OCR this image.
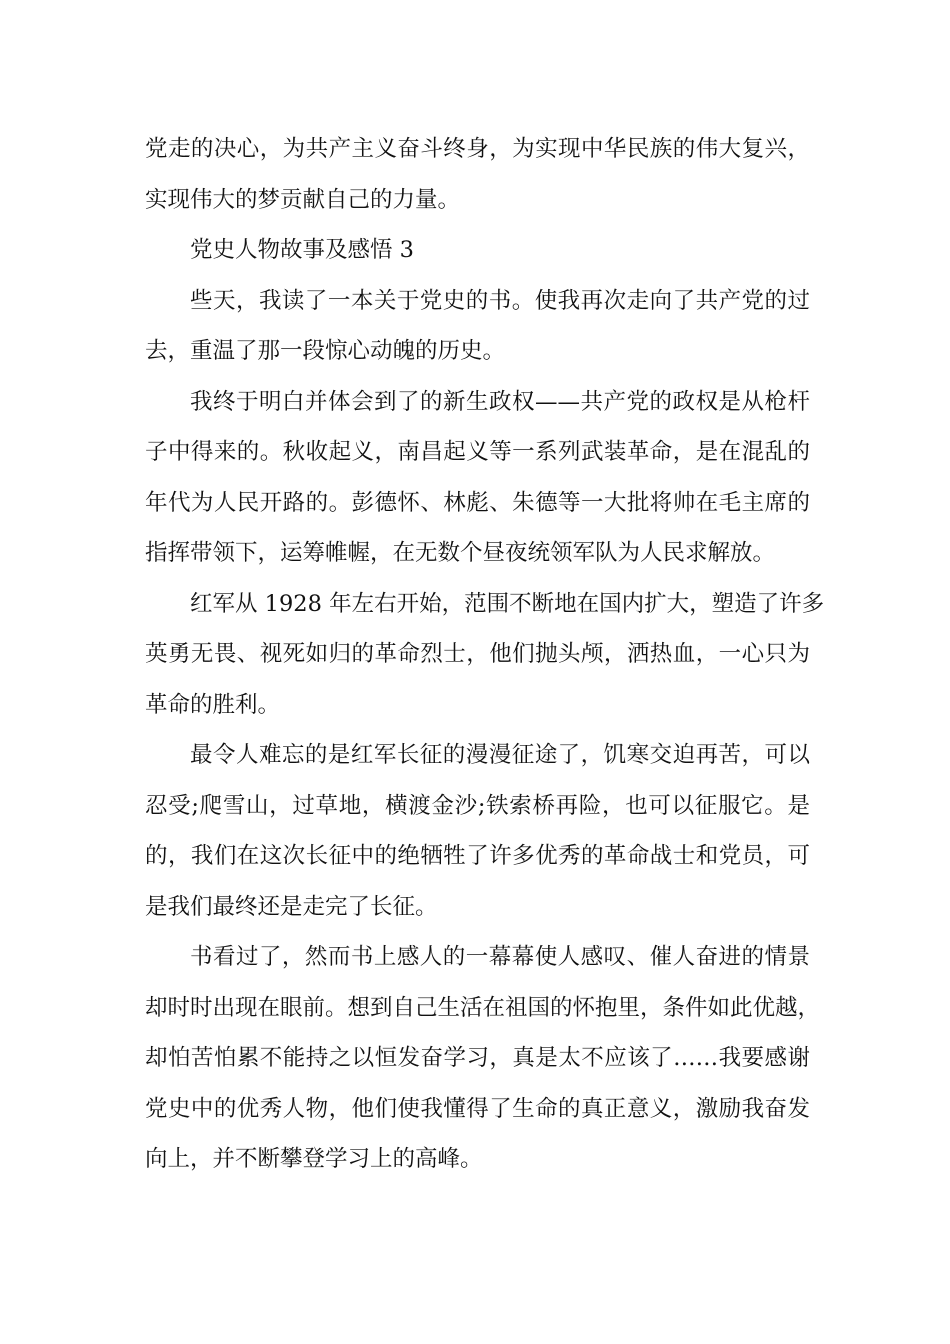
党走的决心，为共产主义奋斗终身，为实现中华民族的伟大复兴，
实现伟大的梦贡献自己的力量。
党史人物故事及感悟 3
些天，我读了一本关于党史的书。使我再次走向了共产党的过
去，重温了那一段惊心动魄的历史。
我终于明白并体会到了的新生政权——共产党的政权是从枪杆
子中得来的。秋收起义，南昌起义等一系列武装革命，是在混乱的
年代为人民开路的。彭德怀、林彪、朱德等一大批将帅在毛主席的
指挥带领下，运筹帷幄，在无数个昼夜统领军队为人民求解放。
红军从 1928 年左右开始，范围不断地在国内扩大，塑造了许多
英勇无畏、视死如归的革命烈士，他们抛头颅，洒热血，一心只为
革命的胜利。
最令人难忘的是红军长征的漫漫征途了，饥寒交迫再苦，可以
忍受;爬雪山，过草地，横渡金沙;铁索桥再险，也可以征服它。是
的，我们在这次长征中的绝牺牲了许多优秀的革命战士和党员，可
是我们最终还是走完了长征。
书看过了，然而书上感人的一幕幕使人感叹、催人奋进的情景
却时时出现在眼前。想到自己生活在祖国的怀抱里，条件如此优越，
却怕苦怕累不能持之以恒发奋学习，真是太不应该了……我要感谢
党史中的优秀人物，他们使我懂得了生命的真正意义，激励我奋发
向上，并不断攀登学习上的高峰。
